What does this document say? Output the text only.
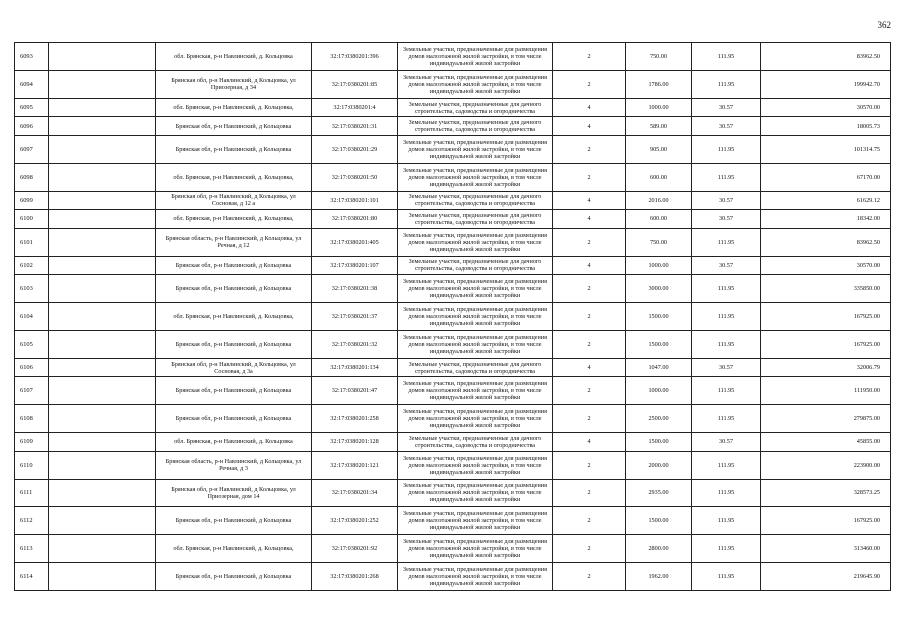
362
6093		обл. Брянская, р-н Навлинский, д. Кольцовка	32:17:0380201:396	Земельные участки, предназначенные для размещения домов малоэтажной жилой застройки, в том числе индивидуальной жилой застройки	2	750.00	111.95	83962.50
6094		Брянская обл, р-н Навлинский, д Кольцовка, ул Приозерная, д 34	32:17:0380201:85	Земельные участки, предназначенные для размещения домов малоэтажной жилой застройки, в том числе индивидуальной жилой застройки	2	1786.00	111.95	199942.70
6095		обл. Брянская, р-н Навлинский, д. Кольцовка,	32:17:0380201:4	Земельные участки, предназначенные для дачного строительства, садоводства и огородничества	4	1000.00	30.57	30570.00
6096		Брянская обл, р-н Навлинский, д Кольцовка	32:17:0380201:31	Земельные участки, предназначенные для дачного строительства, садоводства и огородничества	4	589.00	30.57	18005.73
6097		Брянская обл, р-н Навлинский, д Кольцовка	32:17:0380201:29	Земельные участки, предназначенные для размещения домов малоэтажной жилой застройки, в том числе индивидуальной жилой застройки	2	905.00	111.95	101314.75
6098		обл. Брянская, р-н Навлинский, д. Кольцовка,	32:17:0380201:50	Земельные участки, предназначенные для размещения домов малоэтажной жилой застройки, в том числе индивидуальной жилой застройки	2	600.00	111.95	67170.00
6099		Брянская обл, р-н Навлинский, д Кольцовка, ул Сосновая, д 12 а	32:17:0380201:101	Земельные участки, предназначенные для дачного строительства, садоводства и огородничества	4	2016.00	30.57	61629.12
6100		обл. Брянская, р-н Навлинский, д. Кольцовка,	32:17:0380201:80	Земельные участки, предназначенные для дачного строительства, садоводства и огородничества	4	600.00	30.57	18342.00
6101		Брянская область, р-н Навлинский, д Кольцовка, ул Речная, д 12	32:17:0380201:405	Земельные участки, предназначенные для размещения домов малоэтажной жилой застройки, в том числе индивидуальной жилой застройки	2	750.00	111.95	83962.50
6102		Брянская обл, р-н Навлинский, д Кольцовка	32:17:0380201:107	Земельные участки, предназначенные для дачного строительства, садоводства и огородничества	4	1000.00	30.57	30570.00
6103		Брянская обл, р-н Навлинский, д Кольцовка	32:17:0380201:38	Земельные участки, предназначенные для размещения домов малоэтажной жилой застройки, в том числе индивидуальной жилой застройки	2	3000.00	111.95	335850.00
6104		обл. Брянская, р-н Навлинский, д. Кольцовка,	32:17:0380201:37	Земельные участки, предназначенные для размещения домов малоэтажной жилой застройки, в том числе индивидуальной жилой застройки	2	1500.00	111.95	167925.00
6105		Брянская обл, р-н Навлинский, д Кольцовка	32:17:0380201:32	Земельные участки, предназначенные для размещения домов малоэтажной жилой застройки, в том числе индивидуальной жилой застройки	2	1500.00	111.95	167925.00
6106		Брянская обл, р-н Навлинский, д Кольцовка, ул Сосновая, д 3а	32:17:0380201:134	Земельные участки, предназначенные для дачного строительства, садоводства и огородничества	4	1047.00	30.57	32006.79
6107		Брянская обл, р-н Навлинский, д Кольцовка	32:17:0380201:47	Земельные участки, предназначенные для размещения домов малоэтажной жилой застройки, в том числе индивидуальной жилой застройки	2	1000.00	111.95	111950.00
6108		Брянская обл, р-н Навлинский, д Кольцовка	32:17:0380201:258	Земельные участки, предназначенные для размещения домов малоэтажной жилой застройки, в том числе индивидуальной жилой застройки	2	2500.00	111.95	279875.00
6109		обл. Брянская, р-н Навлинский, д. Кольцовка	32:17:0380201:128	Земельные участки, предназначенные для дачного строительства, садоводства и огородничества	4	1500.00	30.57	45855.00
6110		Брянская область, р-н Навлинский, д Кольцовка, ул Речная, д 3	32:17:0380201:121	Земельные участки, предназначенные для размещения домов малоэтажной жилой застройки, в том числе индивидуальной жилой застройки	2	2000.00	111.95	223900.00
6111		Брянская обл, р-н Навлинский, д Кольцовка, ул Приозерная, дом 14	32:17:0380201:34	Земельные участки, предназначенные для размещения домов малоэтажной жилой застройки, в том числе индивидуальной жилой застройки	2	2935.00	111.95	328573.25
6112		Брянская обл, р-н Навлинский, д Кольцовка	32:17:0380201:252	Земельные участки, предназначенные для размещения домов малоэтажной жилой застройки, в том числе индивидуальной жилой застройки	2	1500.00	111.95	167925.00
6113		обл. Брянская, р-н Навлинский, д. Кольцовка,	32:17:0380201:92	Земельные участки, предназначенные для размещения домов малоэтажной жилой застройки, в том числе индивидуальной жилой застройки	2	2800.00	111.95	313460.00
6114		Брянская обл, р-н Навлинский, д Кольцовка	32:17:0380201:268	Земельные участки, предназначенные для размещения домов малоэтажной жилой застройки, в том числе индивидуальной жилой застройки	2	1962.00	111.95	219645.90
